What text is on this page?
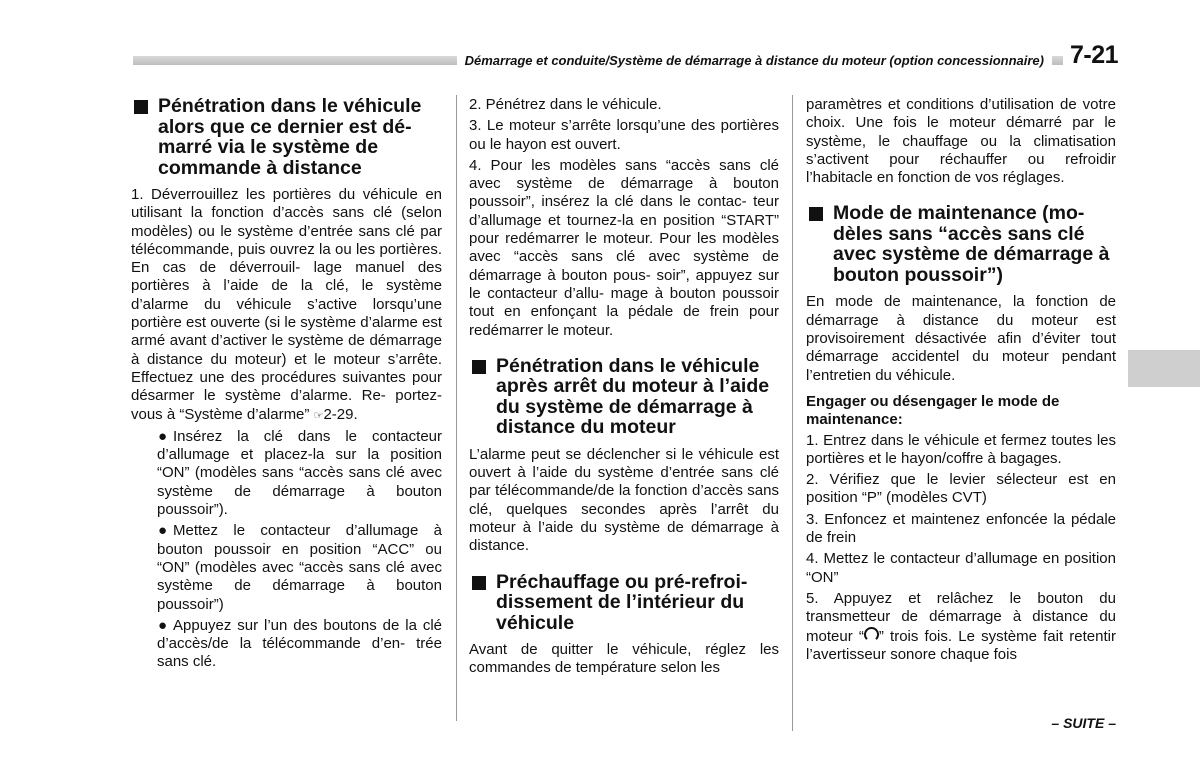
Démarrage et conduite/Système de démarrage à distance du moteur (option concessionnaire)	7-21
Pénétration dans le véhicule alors que ce dernier est dé- marré via le système de commande à distance

1. Déverrouillez les portières du véhicule en utilisant la fonction d’accès sans clé (selon modèles) ou le système d’entrée sans clé par télécommande, puis ouvrez la ou les portières. En cas de déverrouil- lage manuel des portières à l’aide de la clé, le système d’alarme du véhicule s’active lorsqu’une portière est ouverte (si le système d’alarme est armé avant d’activer le système de démarrage à distance du moteur) et le moteur s’arrête. Effectuez une des procédures suivantes pour désarmer le système d’alarme. Re- portez-vous à “Système d’alarme” ☞2-29.

● Insérez la clé dans le contacteur d’allumage et placez-la sur la position “ON” (modèles sans “accès sans clé avec système de démarrage à bouton poussoir”).
● Mettez le contacteur d’allumage à bouton poussoir en position “ACC” ou “ON” (modèles avec “accès sans clé avec système de démarrage à bouton poussoir”)
● Appuyez sur l’un des boutons de la clé d’accès/de la télécommande d’en- trée sans clé.

2. Pénétrez dans le véhicule.

3. Le moteur s’arrête lorsqu’une des portières ou le hayon est ouvert.

4. Pour les modèles sans “accès sans clé avec système de démarrage à bouton poussoir”, insérez la clé dans le contac- teur d’allumage et tournez-la en position “START” pour redémarrer le moteur. Pour les modèles avec “accès sans clé avec système de démarrage à bouton pous- soir”, appuyez sur le contacteur d’allu- mage à bouton poussoir tout en enfonçant la pédale de frein pour redémarrer le moteur.

Pénétration dans le véhicule après arrêt du moteur à l’aide du système de démarrage à distance du moteur

L’alarme peut se déclencher si le véhicule est ouvert à l’aide du système d’entrée sans clé par télécommande/de la fonction d’accès sans clé, quelques secondes après l’arrêt du moteur à l’aide du système de démarrage à distance.

Préchauffage ou pré-refroi- dissement de l’intérieur du véhicule

Avant de quitter le véhicule, réglez les commandes de température selon les

paramètres et conditions d’utilisation de votre choix. Une fois le moteur démarré par le système, le chauffage ou la climatisation s’activent pour réchauffer ou refroidir l’habitacle en fonction de vos réglages.

Mode de maintenance (mo- dèles sans “accès sans clé avec système de démarrage à bouton poussoir”)

En mode de maintenance, la fonction de démarrage à distance du moteur est provisoirement désactivée afin d’éviter tout démarrage accidentel du moteur pendant l’entretien du véhicule.

Engager ou désengager le mode de maintenance:

1. Entrez dans le véhicule et fermez toutes les portières et le hayon/coffre à bagages.

2. Vérifiez que le levier sélecteur est en position “P” (modèles CVT)

3. Enfoncez et maintenez enfoncée la pédale de frein

4. Mettez le contacteur d’allumage en position “ON”

5. Appuyez et relâchez le bouton du transmetteur de démarrage à distance du moteur “ ” trois fois. Le système fait retentir l’avertisseur sonore chaque fois

– SUITE –
